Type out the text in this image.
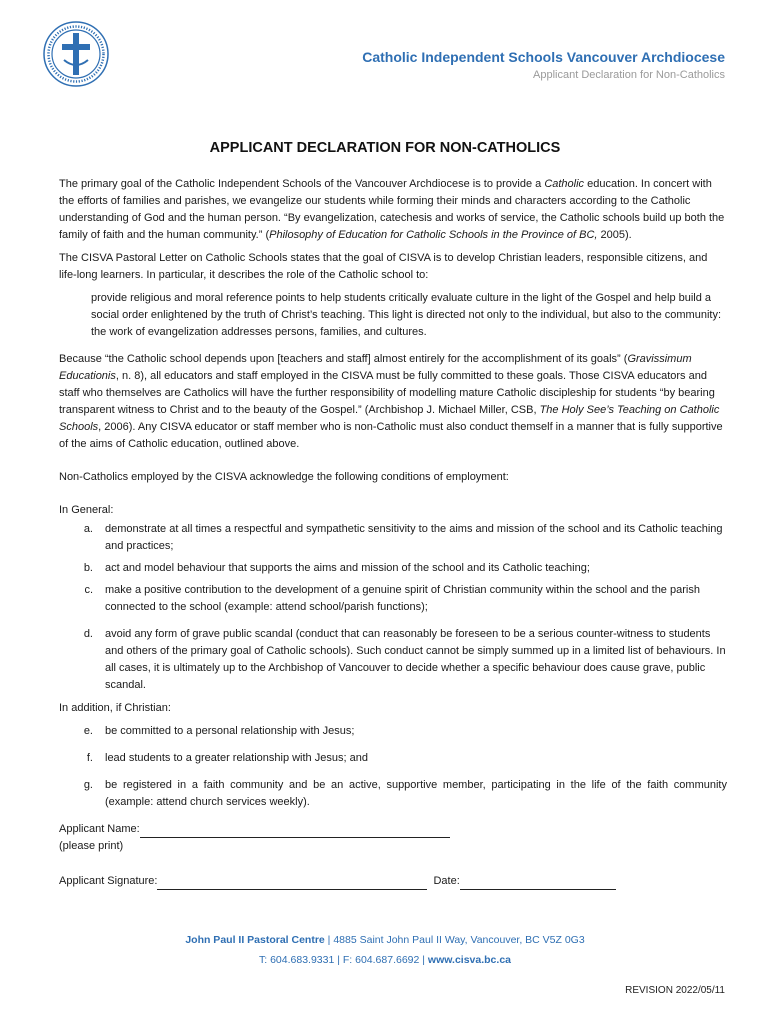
Catholic Independent Schools Vancouver Archdiocese
Applicant Declaration for Non-Catholics
APPLICANT DECLARATION FOR NON-CATHOLICS

The primary goal of the Catholic Independent Schools of the Vancouver Archdiocese is to provide a Catholic education. In concert with the efforts of families and parishes, we evangelize our students while forming their minds and characters according to the Catholic understanding of God and the human person. “By evangelization, catechesis and works of service, the Catholic schools build up both the family of faith and the human community.” (Philosophy of Education for Catholic Schools in the Province of BC, 2005).

The CISVA Pastoral Letter on Catholic Schools states that the goal of CISVA is to develop Christian leaders, responsible citizens, and life-long learners. In particular, it describes the role of the Catholic school to:

provide religious and moral reference points to help students critically evaluate culture in the light of the Gospel and help build a social order enlightened by the truth of Christ’s teaching. This light is directed not only to the individual, but also to the community: the work of evangelization addresses persons, families, and cultures.

Because “the Catholic school depends upon [teachers and staff] almost entirely for the accomplishment of its goals” (Gravissimum Educationis, n. 8), all educators and staff employed in the CISVA must be fully committed to these goals. Those CISVA educators and staff who themselves are Catholics will have the further responsibility of modelling mature Catholic discipleship for students “by bearing transparent witness to Christ and to the beauty of the Gospel.” (Archbishop J. Michael Miller, CSB, The Holy See’s Teaching on Catholic Schools, 2006). Any CISVA educator or staff member who is non-Catholic must also conduct themself in a manner that is fully supportive of the aims of Catholic education, outlined above.

Non-Catholics employed by the CISVA acknowledge the following conditions of employment:

In General:

a.	demonstrate at all times a respectful and sympathetic sensitivity to the aims and mission of the school and its Catholic teaching and practices;
b.	act and model behaviour that supports the aims and mission of the school and its Catholic teaching;
c.	make a positive contribution to the development of a genuine spirit of Christian community within the school and the parish connected to the school (example: attend school/parish functions);
d.	avoid any form of grave public scandal (conduct that can reasonably be foreseen to be a serious counter-witness to students and others of the primary goal of Catholic schools). Such conduct cannot be simply summed up in a limited list of behaviours. In all cases, it is ultimately up to the Archbishop of Vancouver to decide whether a specific behaviour does cause grave, public scandal.

In addition, if Christian:

e.	be committed to a personal relationship with Jesus;
f.	lead students to a greater relationship with Jesus; and
g.	be registered in a faith community and be an active, supportive member, participating in the life of the faith community (example: attend church services weekly).
Applicant Name:
(please print)
Applicant Signature:	Date:
John Paul II Pastoral Centre | 4885 Saint John Paul II Way, Vancouver, BC V5Z 0G3
T: 604.683.9331 | F: 604.687.6692 | www.cisva.bc.ca
REVISION 2022/05/11
